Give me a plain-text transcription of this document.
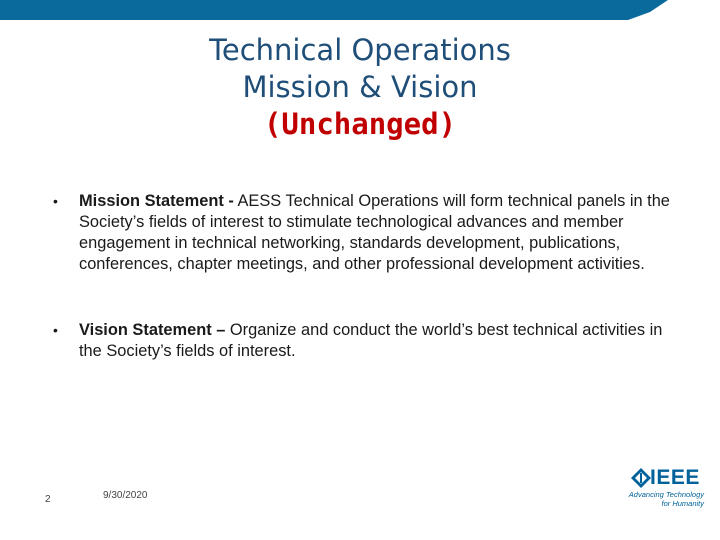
Technical Operations
Mission & Vision
(Unchanged)
• Mission Statement - AESS Technical Operations will form technical panels in the Society’s fields of interest to stimulate technological advances and member engagement in technical networking, standards development, publications, conferences, chapter meetings, and other professional development activities.
• Vision Statement – Organize and conduct the world’s best technical activities in the Society’s fields of interest.
2	9/30/2020
IEEE
Advancing Technology
for Humanity
